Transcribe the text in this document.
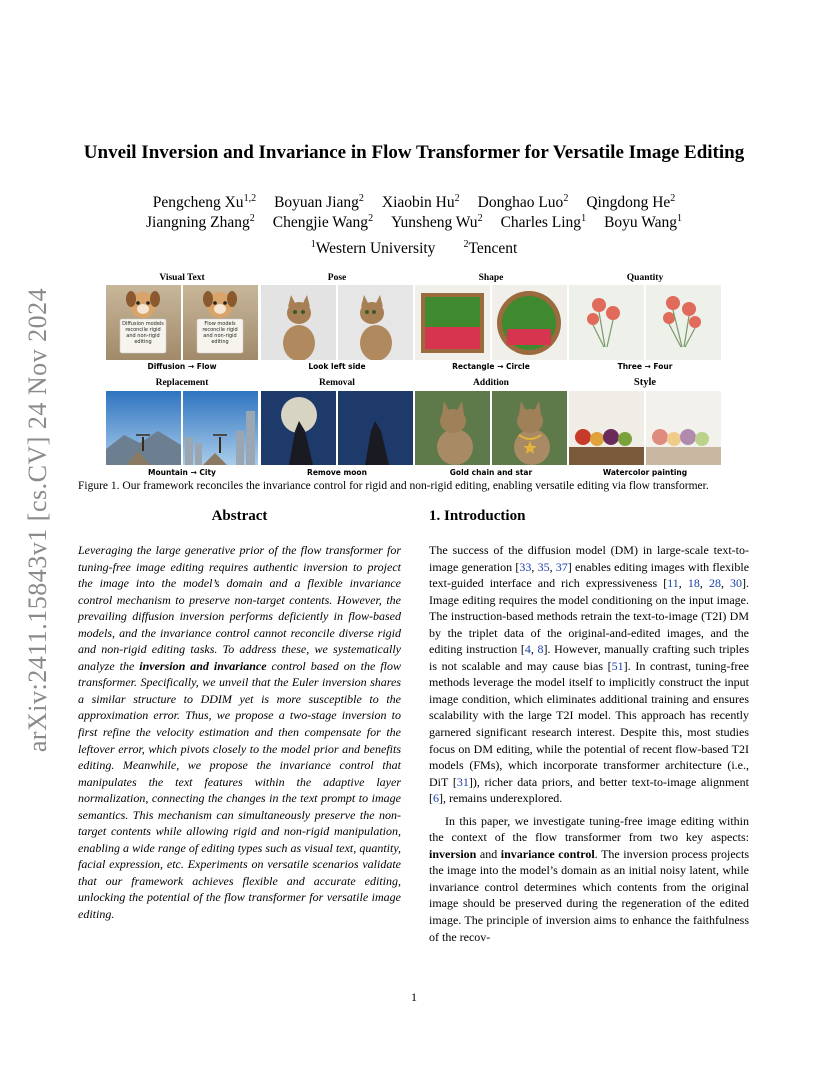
arXiv:2411.15843v1 [cs.CV] 24 Nov 2024
Unveil Inversion and Invariance in Flow Transformer for Versatile Image Editing
Pengcheng Xu$^{1,2}$ Boyuan Jiang$^2$ Xiaobin Hu$^2$ Donghao Luo$^2$ Qingdong He$^2$
Jiangning Zhang$^2$ Chengjie Wang$^2$ Yunsheng Wu$^2$ Charles Ling$^1$ Boyu Wang$^1$
$^1$Western University	$^2$Tencent
Visual Text	Pose	Shape	Quantity
Diffusion models reconcile rigid and non-rigid editing
Flow models reconcile rigid and non-rigid editing
Diffusion → Flow	Look left side	Rectangle → Circle	Three → Four
Replacement	Removal	Addition	Style
Mountain → City	Remove moon	Gold chain and star	Watercolor painting
Figure 1. Our framework reconciles the invariance control for rigid and non-rigid editing, enabling versatile editing via flow transformer.
Abstract
Leveraging the large generative prior of the flow transformer for tuning-free image editing requires authentic inversion to project the image into the model’s domain and a flexible invariance control mechanism to preserve non-target contents. However, the prevailing diffusion inversion performs deficiently in flow-based models, and the invariance control cannot reconcile diverse rigid and non-rigid editing tasks. To address these, we systematically analyze the inversion and invariance control based on the flow transformer. Specifically, we unveil that the Euler inversion shares a similar structure to DDIM yet is more susceptible to the approximation error. Thus, we propose a two-stage inversion to first refine the velocity estimation and then compensate for the leftover error, which pivots closely to the model prior and benefits editing. Meanwhile, we propose the invariance control that manipulates the text features within the adaptive layer normalization, connecting the changes in the text prompt to image semantics. This mechanism can simultaneously preserve the non-target contents while allowing rigid and non-rigid manipulation, enabling a wide range of editing types such as visual text, quantity, facial expression, etc. Experiments on versatile scenarios validate that our framework achieves flexible and accurate editing, unlocking the potential of the flow transformer for versatile image editing.
1. Introduction

The success of the diffusion model (DM) in large-scale text-to-image generation [33, 35, 37] enables editing images with flexible text-guided interface and rich expressiveness [11, 18, 28, 30]. Image editing requires the model conditioning on the input image. The instruction-based methods retrain the text-to-image (T2I) DM by the triplet data of the original-and-edited images, and the editing instruction [4, 8]. However, manually crafting such triples is not scalable and may cause bias [51]. In contrast, tuning-free methods leverage the model itself to implicitly construct the input image condition, which eliminates additional training and ensures scalability with the large T2I model. This approach has recently garnered significant research interest. Despite this, most studies focus on DM editing, while the potential of recent flow-based T2I models (FMs), which incorporate transformer architecture (i.e., DiT [31]), richer data priors, and better text-to-image alignment [6], remains underexplored.

In this paper, we investigate tuning-free image editing within the context of the flow transformer from two key aspects: inversion and invariance control. The inversion process projects the image into the model’s domain as an initial noisy latent, while invariance control determines which contents from the original image should be preserved during the regeneration of the edited image. The principle of inversion aims to enhance the faithfulness of the recov-

1
